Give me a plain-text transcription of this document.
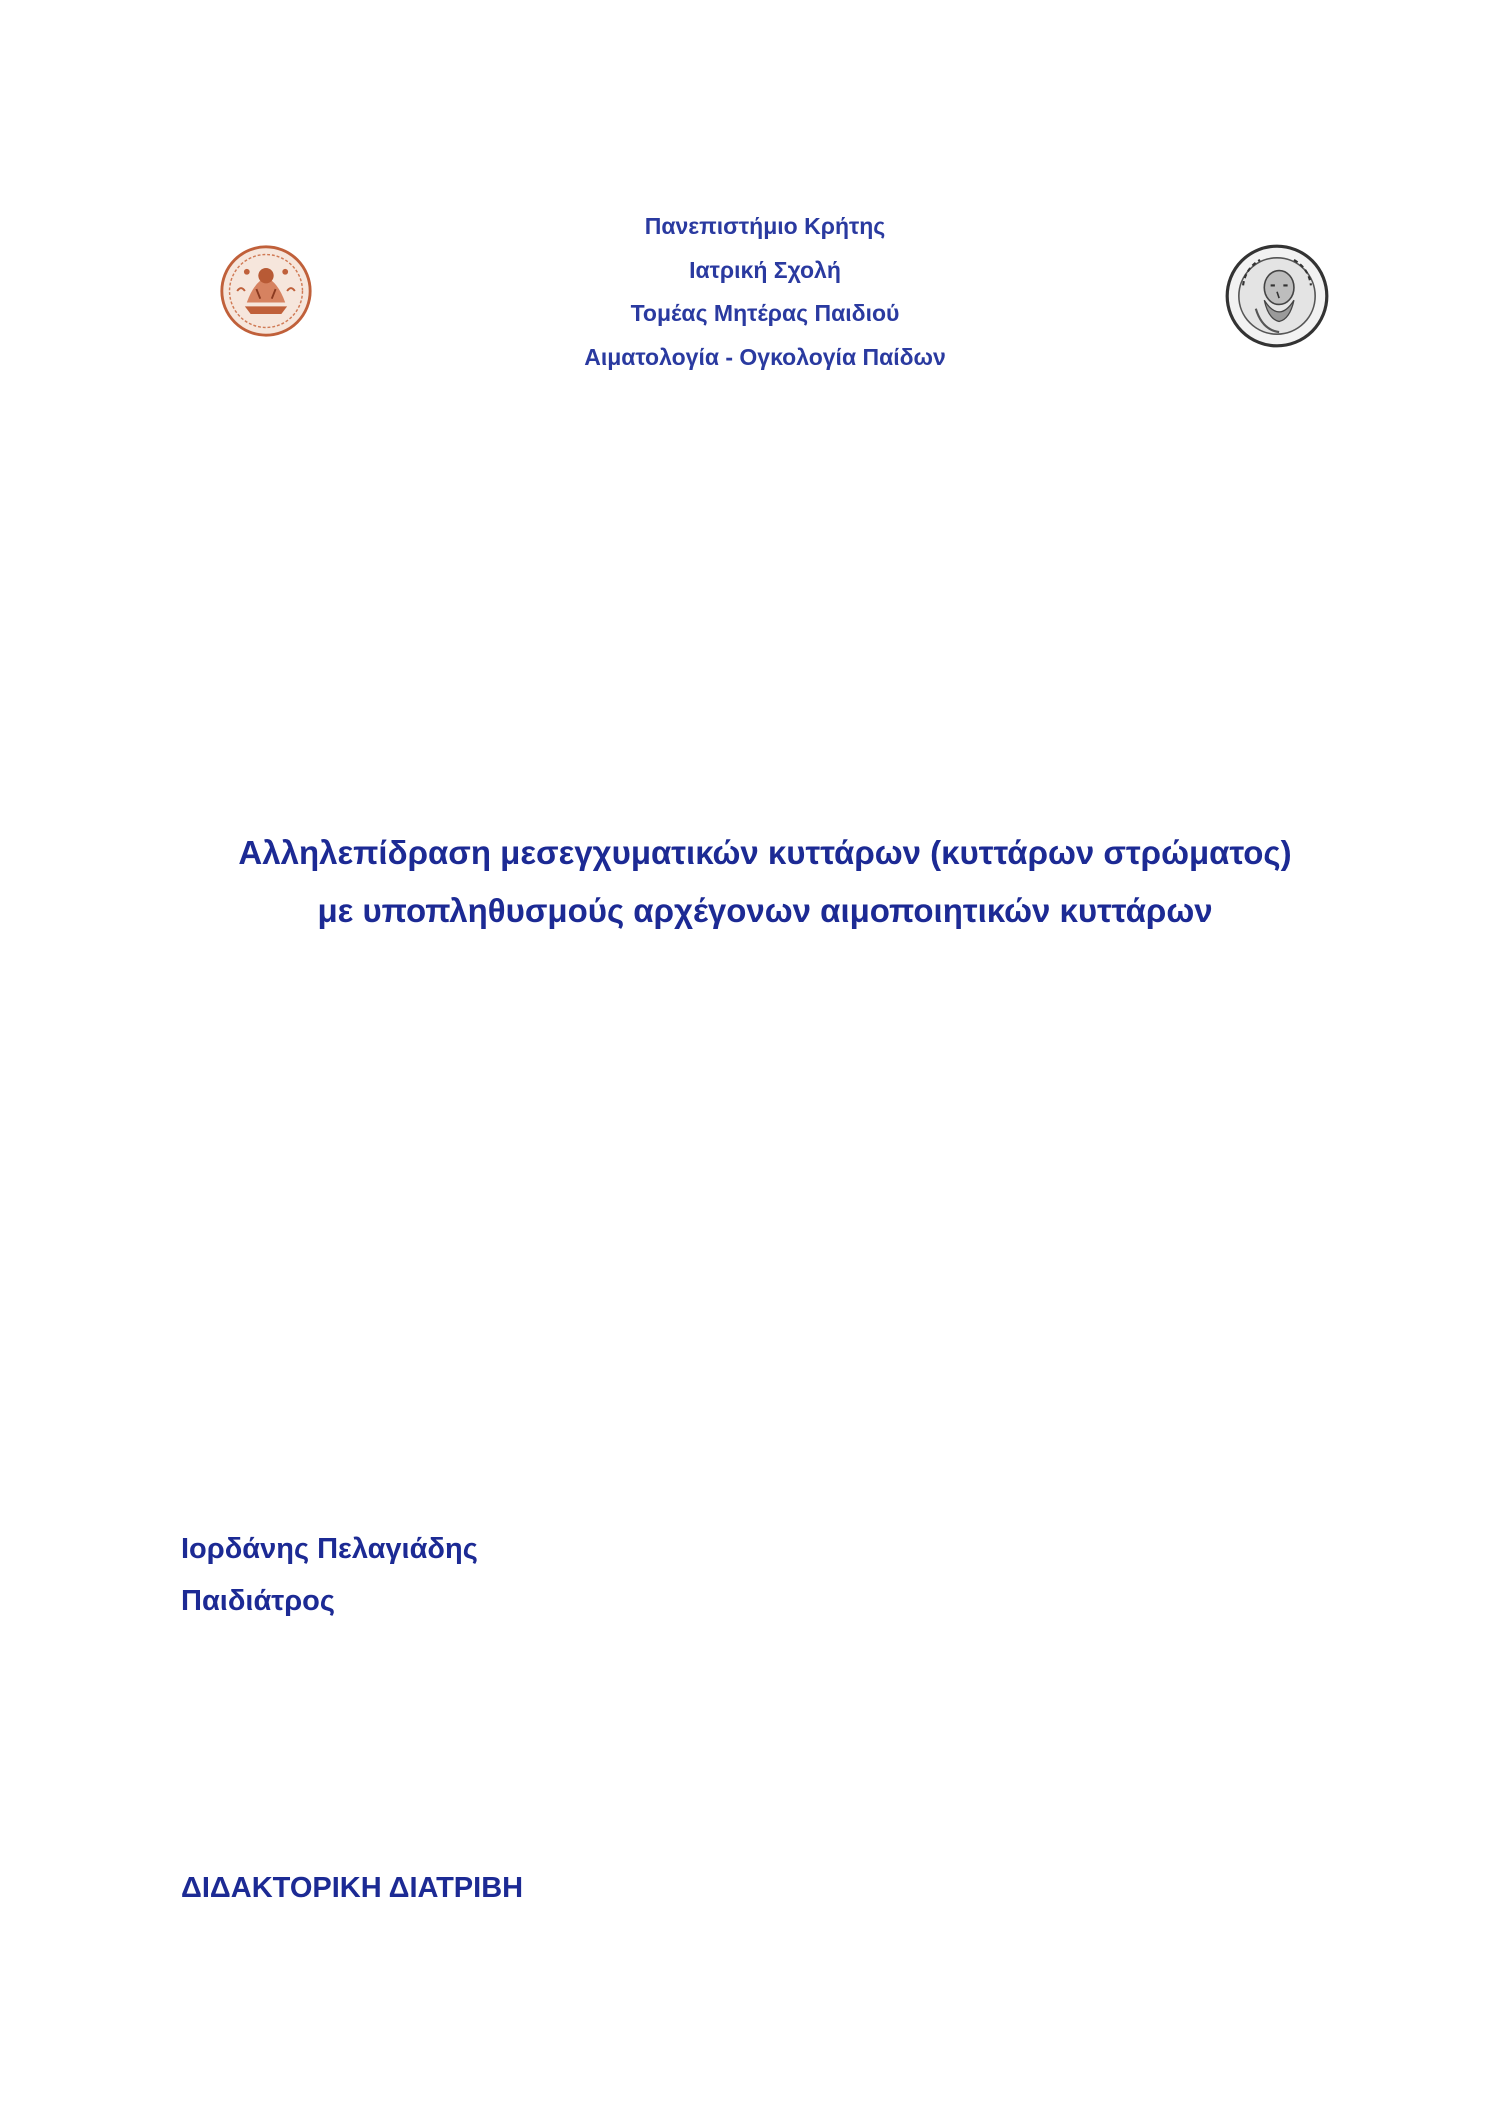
Πανεπιστήμιο Κρήτης
Ιατρική Σχολή
Τομέας Μητέρας Παιδιού
Αιματολογία - Ογκολογία Παίδων
Αλληλεπίδραση μεσεγχυματικών κυττάρων (κυττάρων στρώματος)
με υποπληθυσμούς αρχέγονων αιμοποιητικών κυττάρων
Ιορδάνης Πελαγιάδης
Παιδιάτρος
ΔΙΔΑΚΤΟΡΙΚΗ ΔΙΑΤΡΙΒΗ
